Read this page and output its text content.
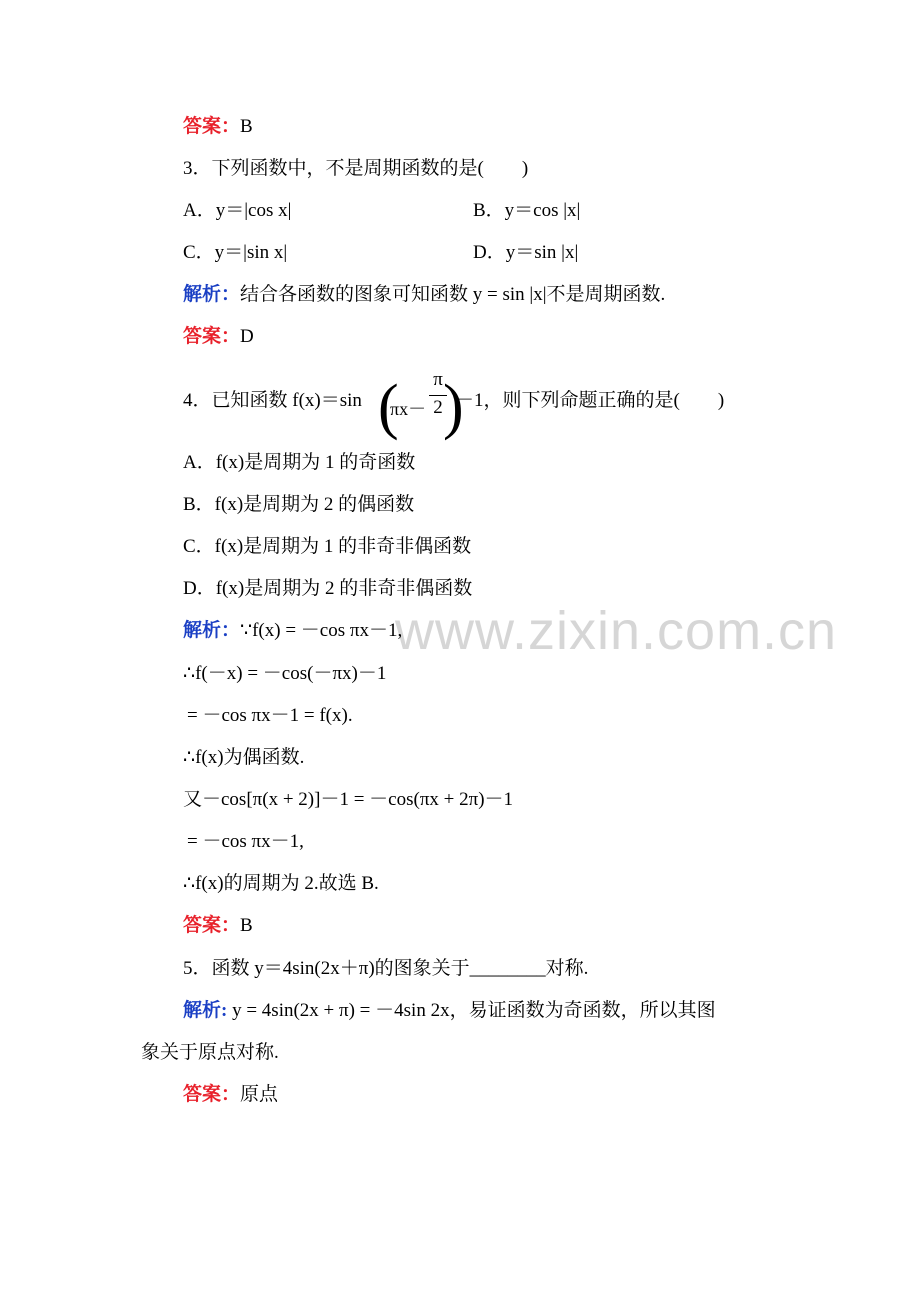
www.zixin.com.cn
答案：B
3．下列函数中，不是周期函数的是(　　)
A．y＝|cos x|	B．y＝cos |x|
C．y＝|sin x|	D．y＝sin |x|
解析：结合各函数的图象可知函数 y = sin |x|不是周期函数.
答案：D
4．已知函数 f(x)＝sin (
$\pi x- \frac{\pi}{2}$
)
－1，则下列命题正确的是(　　)
A．f(x)是周期为 1 的奇函数
B．f(x)是周期为 2 的偶函数
C．f(x)是周期为 1 的非奇非偶函数
D．f(x)是周期为 2 的非奇非偶函数
解析：∵f(x) = －cos πx－1,
∴f(－x) = －cos(－πx)－1
= －cos πx－1 = f(x).
∴f(x)为偶函数.
又－cos[π(x + 2)]－1 = －cos(πx + 2π)－1
= －cos πx－1,
∴f(x)的周期为 2.故选 B.
答案：B
5．函数 y＝4sin(2x＋π)的图象关于________对称.
解析: y = 4sin(2x + π) = －4sin 2x，易证函数为奇函数，所以其图
象关于原点对称.
答案：原点
